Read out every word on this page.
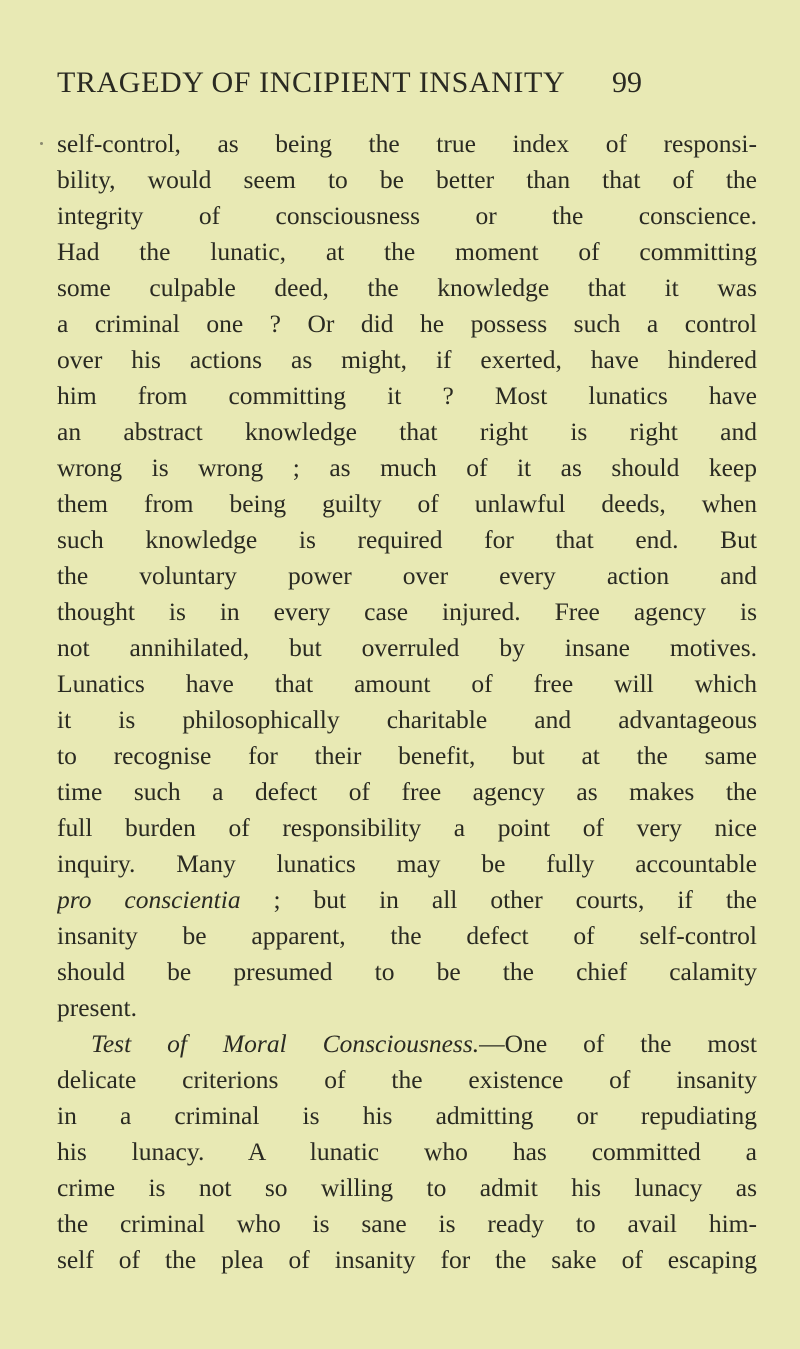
TRAGEDY OF INCIPIENT INSANITY 99
self-control, as being the true index of responsi-
bility, would seem to be better than that of the
integrity of consciousness or the conscience.
Had the lunatic, at the moment of committing
some culpable deed, the knowledge that it was
a criminal one ? Or did he possess such a control
over his actions as might, if exerted, have hindered
him from committing it ? Most lunatics have
an abstract knowledge that right is right and
wrong is wrong ; as much of it as should keep
them from being guilty of unlawful deeds, when
such knowledge is required for that end. But
the voluntary power over every action and
thought is in every case injured. Free agency is
not annihilated, but overruled by insane motives.
Lunatics have that amount of free will which
it is philosophically charitable and advantageous
to recognise for their benefit, but at the same
time such a defect of free agency as makes the
full burden of responsibility a point of very nice
inquiry. Many lunatics may be fully accountable
pro conscientia ; but in all other courts, if the
insanity be apparent, the defect of self-control
should be presumed to be the chief calamity
present.
Test of Moral Consciousness.—One of the most
delicate criterions of the existence of insanity
in a criminal is his admitting or repudiating
his lunacy. A lunatic who has committed a
crime is not so willing to admit his lunacy as
the criminal who is sane is ready to avail him-
self of the plea of insanity for the sake of escaping
